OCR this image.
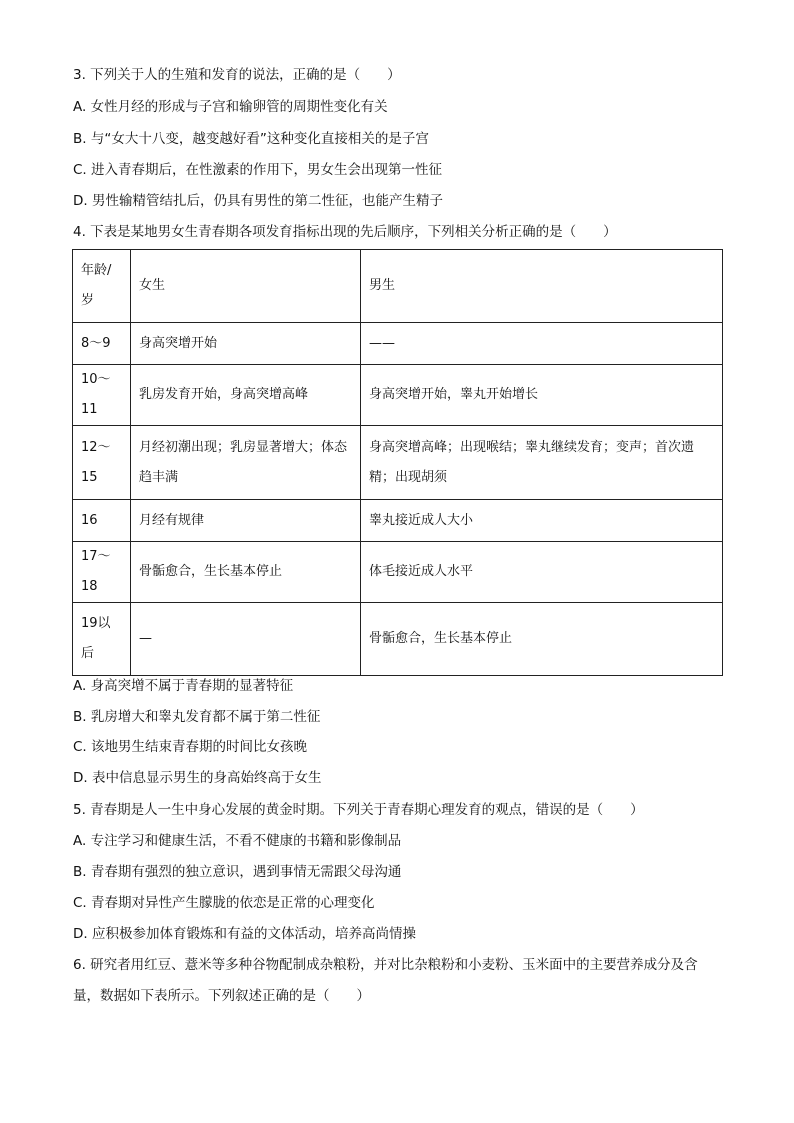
3. 下列关于人的生殖和发育的说法，正确的是（　　）
A. 女性月经的形成与子宫和输卵管的周期性变化有关
B. 与“女大十八变，越变越好看”这种变化直接相关的是子宫
C. 进入青春期后，在性激素的作用下，男女生会出现第一性征
D. 男性输精管结扎后，仍具有男性的第二性征，也能产生精子
4. 下表是某地男女生青春期各项发育指标出现的先后顺序，下列相关分析正确的是（　　）
年龄/岁	女生	男生
8～9	身高突增开始	——
10～11	乳房发育开始，身高突增高峰	身高突增开始，睾丸开始增长
12～15	月经初潮出现；乳房显著增大；体态趋丰满	身高突增高峰；出现喉结；睾丸继续发育；变声；首次遗精；出现胡须
16	月经有规律	睾丸接近成人大小
17～18	骨骺愈合，生长基本停止	体毛接近成人水平
19以后	—	骨骺愈合，生长基本停止
A. 身高突增不属于青春期的显著特征
B. 乳房增大和睾丸发育都不属于第二性征
C. 该地男生结束青春期的时间比女孩晚
D. 表中信息显示男生的身高始终高于女生
5. 青春期是人一生中身心发展的黄金时期。下列关于青春期心理发育的观点，错误的是（　　）
A. 专注学习和健康生活，不看不健康的书籍和影像制品
B. 青春期有强烈的独立意识，遇到事情无需跟父母沟通
C. 青春期对异性产生朦胧的依恋是正常的心理变化
D. 应积极参加体育锻炼和有益的文体活动，培养高尚情操
6. 研究者用红豆、薏米等多种谷物配制成杂粮粉，并对比杂粮粉和小麦粉、玉米面中的主要营养成分及含量，数据如下表所示。下列叙述正确的是（　　）
